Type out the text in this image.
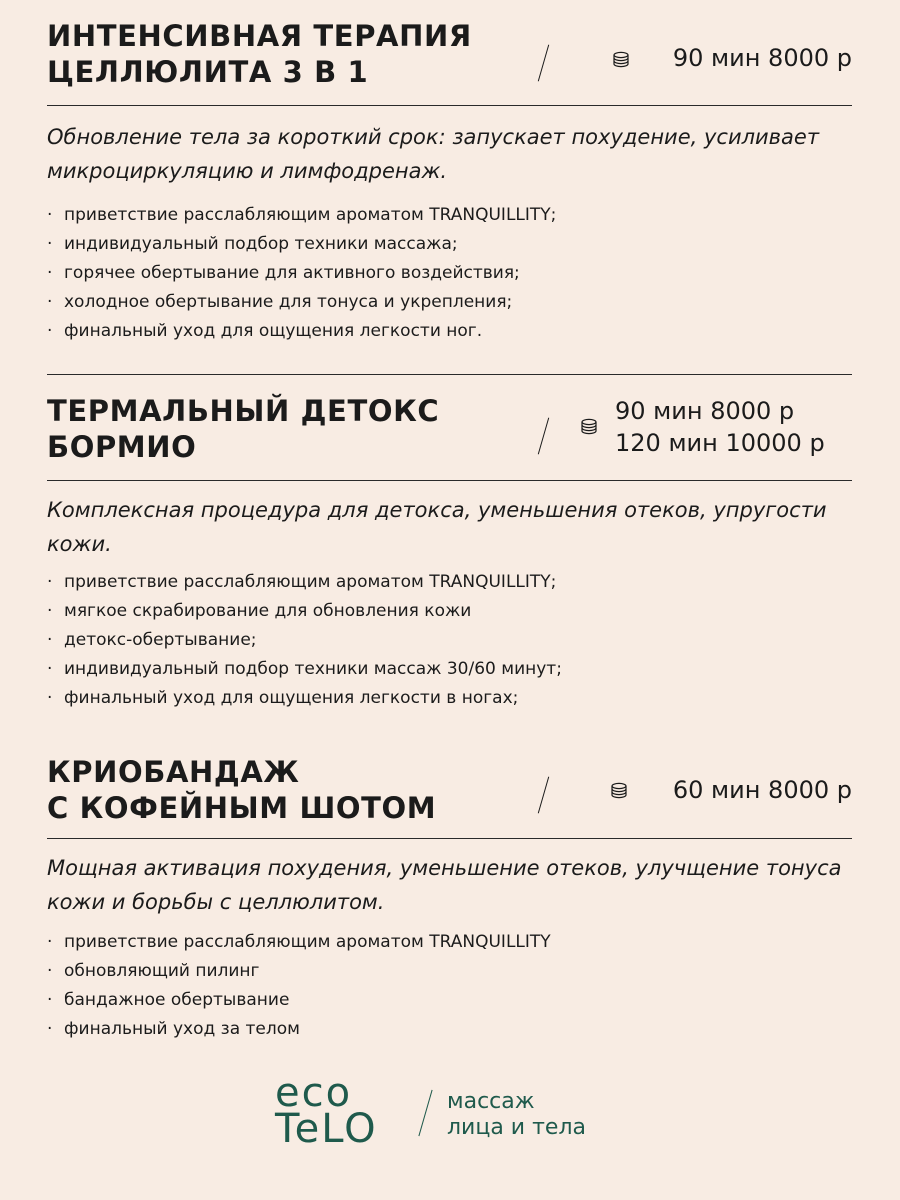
ИНТЕНСИВНАЯ ТЕРАПИЯ
ЦЕЛЛЮЛИТА 3 В 1	90 мин 8000 р

Обновление тела за короткий срок: запускает похудение, усиливает микроциркуляцию и лимфодренаж.

· приветствие расслабляющим ароматом TRANQUILLITY;
· индивидуальный подбор техники массажа;
· горячее обертывание для активного воздействия;
· холодное обертывание для тонуса и укрепления;
· финальный уход для ощущения легкости ног.
ТЕРМАЛЬНЫЙ ДЕТОКС
БОРМИО
90 мин 8000 р
120 мин 10000 р

Комплексная процедура для детокса, уменьшения отеков, упругости кожи.

· приветствие расслабляющим ароматом TRANQUILLITY;
· мягкое скрабирование для обновления кожи
· детокс-обертывание;
· индивидуальный подбор техники массаж 30/60 минут;
· финальный уход для ощущения легкости в ногах;
КРИОБАНДАЖ
С КОФЕЙНЫМ ШОТОМ
60 мин 8000 р

Мощная активация похудения, уменьшение отеков, улучщение тонуса кожи и борьбы с целлюлитом.

· приветствие расслабляющим ароматом TRANQUILLITY
· обновляющий пилинг
· бандажное обертывание
· финальный уход за телом
eco
TeLO
массаж
лица и тела
